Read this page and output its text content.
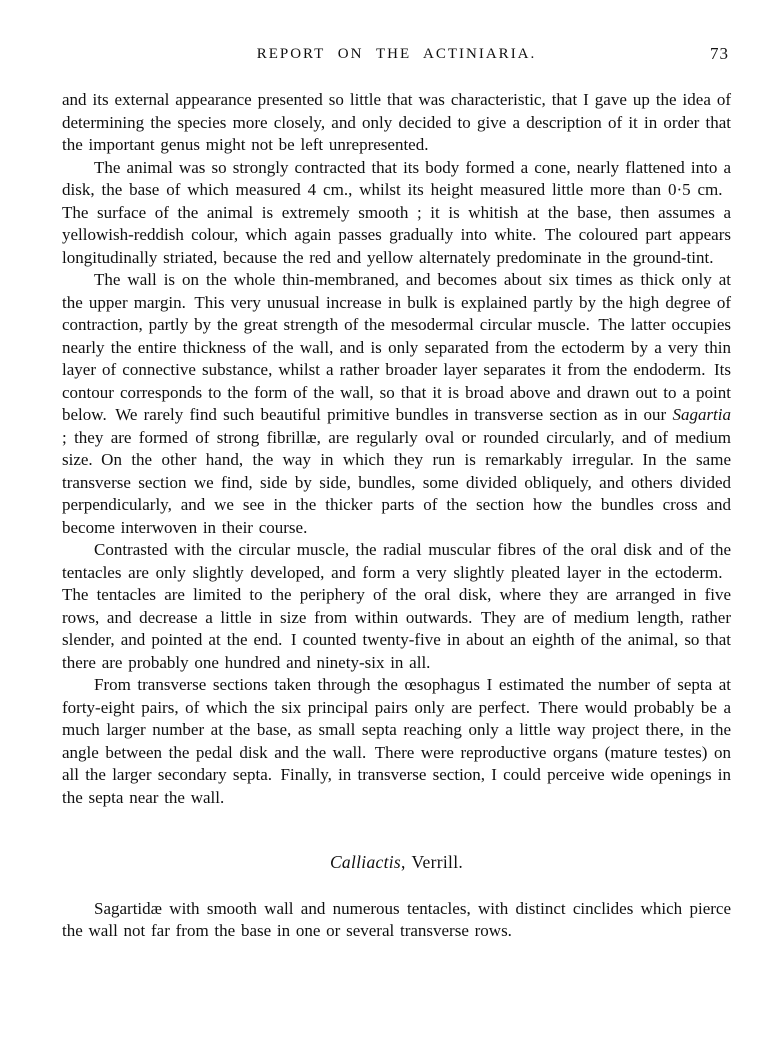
REPORT ON THE ACTINIARIA.	73

and its external appearance presented so little that was characteristic, that I gave up the idea of determining the species more closely, and only decided to give a description of it in order that the important genus might not be left unrepresented.

The animal was so strongly contracted that its body formed a cone, nearly flattened into a disk, the base of which measured 4 cm., whilst its height measured little more than 0·5 cm. The surface of the animal is extremely smooth ; it is whitish at the base, then assumes a yellowish-reddish colour, which again passes gradually into white. The coloured part appears longitudinally striated, because the red and yellow alternately predominate in the ground-tint.

The wall is on the whole thin-membraned, and becomes about six times as thick only at the upper margin. This very unusual increase in bulk is explained partly by the high degree of contraction, partly by the great strength of the mesodermal circular muscle. The latter occupies nearly the entire thickness of the wall, and is only separated from the ectoderm by a very thin layer of connective substance, whilst a rather broader layer separates it from the endoderm. Its contour corresponds to the form of the wall, so that it is broad above and drawn out to a point below. We rarely find such beautiful primitive bundles in transverse section as in our Sagartia ; they are formed of strong fibrillæ, are regularly oval or rounded circularly, and of medium size. On the other hand, the way in which they run is remarkably irregular. In the same transverse section we find, side by side, bundles, some divided obliquely, and others divided perpendicularly, and we see in the thicker parts of the section how the bundles cross and become interwoven in their course.

Contrasted with the circular muscle, the radial muscular fibres of the oral disk and of the tentacles are only slightly developed, and form a very slightly pleated layer in the ectoderm. The tentacles are limited to the periphery of the oral disk, where they are arranged in five rows, and decrease a little in size from within outwards. They are of medium length, rather slender, and pointed at the end. I counted twenty-five in about an eighth of the animal, so that there are probably one hundred and ninety-six in all.

From transverse sections taken through the œsophagus I estimated the number of septa at forty-eight pairs, of which the six principal pairs only are perfect. There would probably be a much larger number at the base, as small septa reaching only a little way project there, in the angle between the pedal disk and the wall. There were reproductive organs (mature testes) on all the larger secondary septa. Finally, in transverse section, I could perceive wide openings in the septa near the wall.

Calliactis, Verrill.

Sagartidæ with smooth wall and numerous tentacles, with distinct cinclides which pierce the wall not far from the base in one or several transverse rows.
